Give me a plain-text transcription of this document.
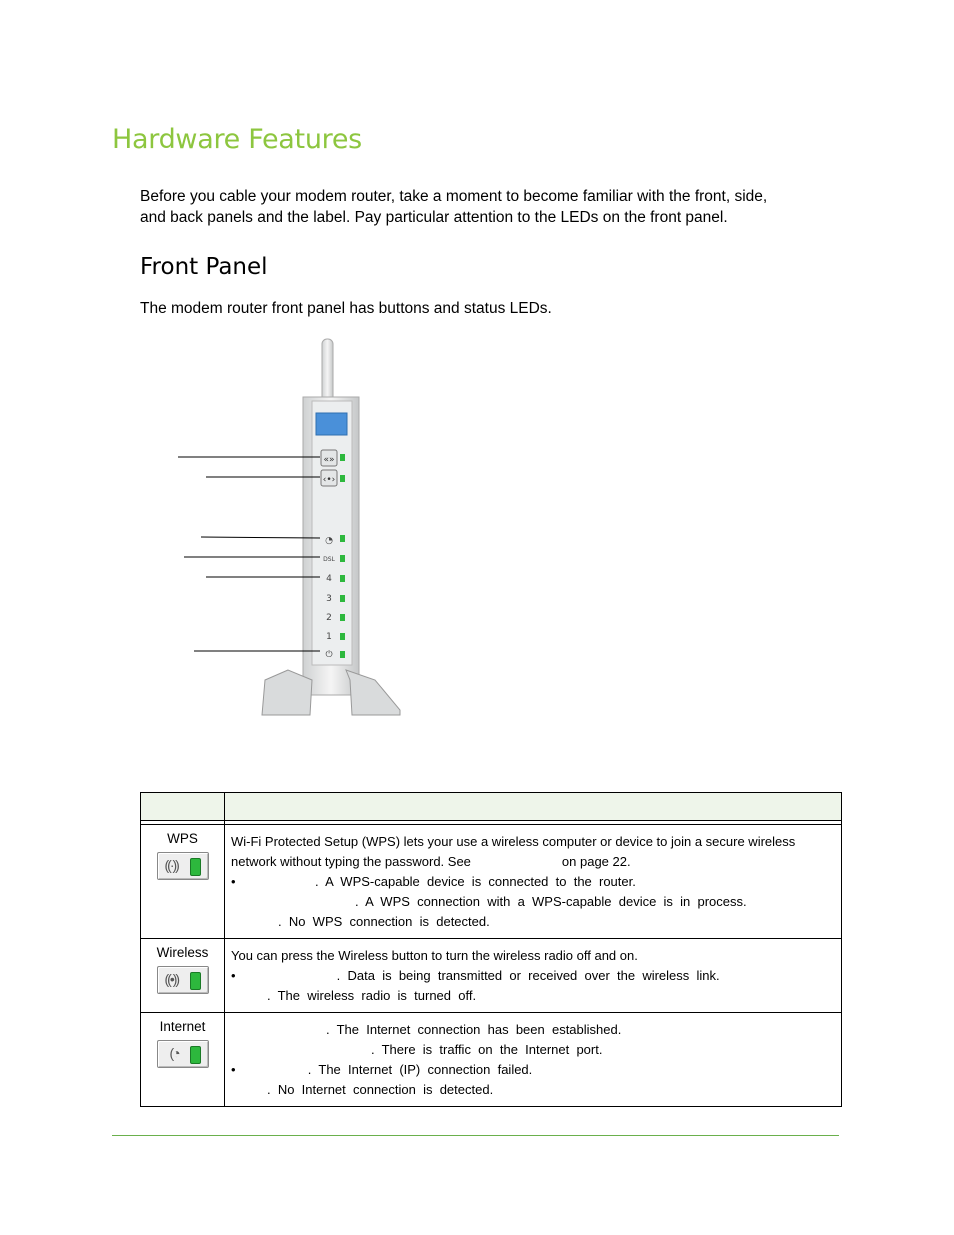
Hardware Features
Before you cable your modem router, take a moment to become familiar with the front, side,
and back panels and the label. Pay particular attention to the LEDs on the front panel.
Front Panel
The modem router front panel has buttons and status LEDs.
«»
‹•›
◔
DSL
4
3
2
1
⏻

WPS
((·))	Wi-Fi Protected Setup (WPS) lets your use a wireless computer or device to join a secure wireless
network without typing the password. See on page 22.
•                      .  A  WPS-capable  device  is  connected  to  the  router.
.  A  WPS  connection  with  a  WPS-capable  device  is  in  process.
.  No  WPS  connection  is  detected.

Wireless
((•))	You can press the Wireless button to turn the wireless radio off and on.
•                            .  Data  is  being  transmitted  or  received  over  the  wireless  link.
.  The  wireless  radio  is  turned  off.

Internet
(◔	.  The  Internet  connection  has  been  established.
.  There  is  traffic  on  the  Internet  port.
•                    .  The  Internet  (IP)  connection  failed.
.  No  Internet  connection  is  detected.
